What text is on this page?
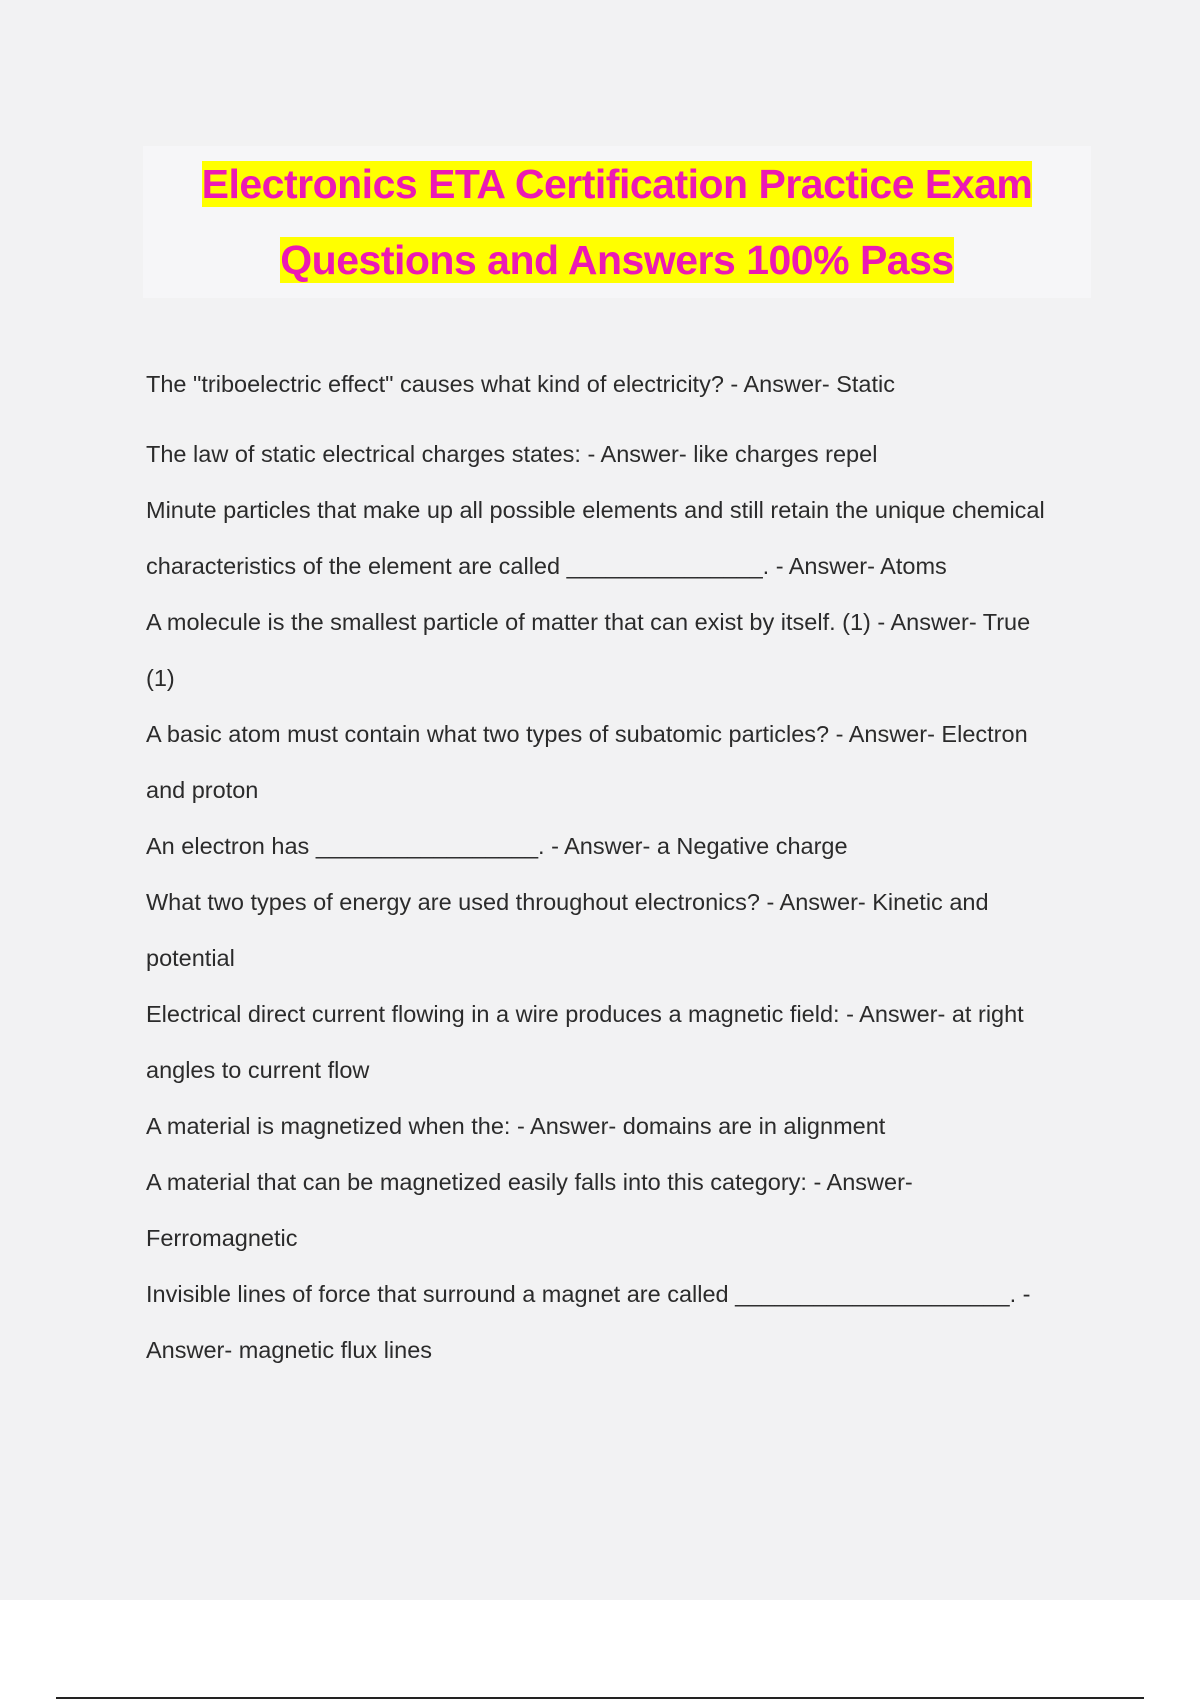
Electronics ETA Certification Practice Exam
Questions and Answers 100% Pass

The "triboelectric effect" causes what kind of electricity? - Answer- Static

The law of static electrical charges states: - Answer- like charges repel

Minute particles that make up all possible elements and still retain the unique chemical
characteristics of the element are called _______________. - Answer- Atoms

A molecule is the smallest particle of matter that can exist by itself. (1) - Answer- True
(1)

A basic atom must contain what two types of subatomic particles? - Answer- Electron
and proton

An electron has _________________. - Answer- a Negative charge

What two types of energy are used throughout electronics? - Answer- Kinetic and
potential

Electrical direct current flowing in a wire produces a magnetic field: - Answer- at right
angles to current flow

A material is magnetized when the: - Answer- domains are in alignment

A material that can be magnetized easily falls into this category: - Answer-
Ferromagnetic

Invisible lines of force that surround a magnet are called _____________________. -
Answer- magnetic flux lines
